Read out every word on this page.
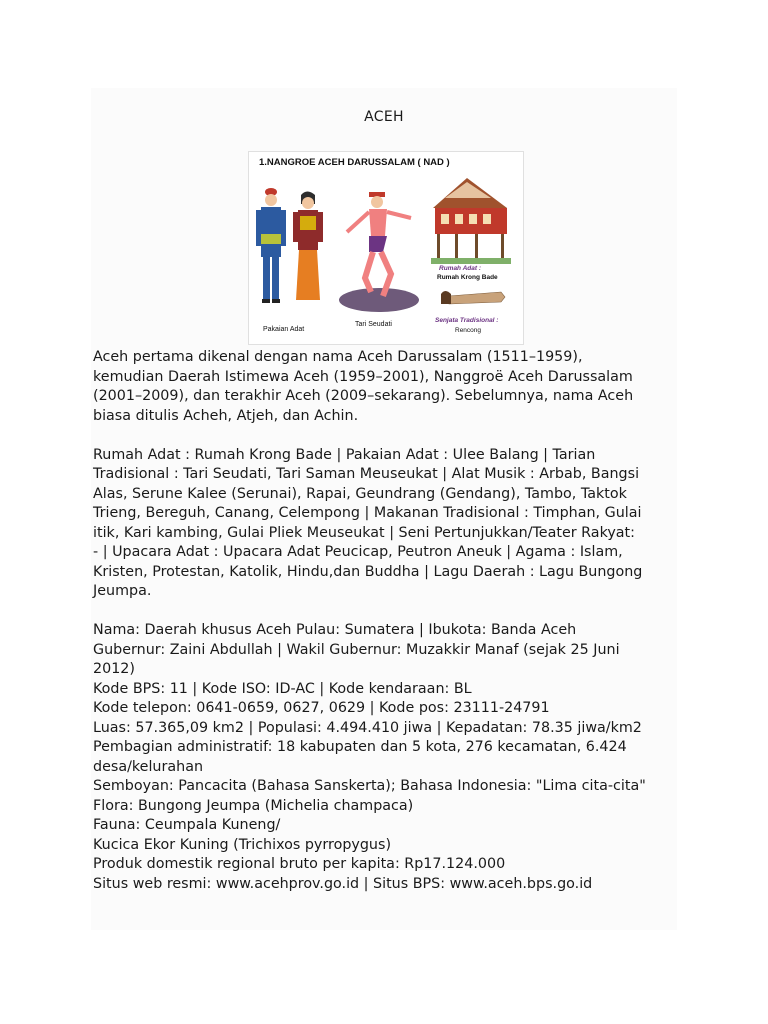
ACEH
1.NANGROE ACEH DARUSSALAM ( NAD )
Pakaian Adat
Tari Seudati
Rumah Adat :
Rumah Krong Bade
Senjata Tradisional :
Rencong

Aceh pertama dikenal dengan nama Aceh Darussalam (1511–1959),

kemudian Daerah Istimewa Aceh (1959–2001), Nanggroë Aceh Darussalam

(2001–2009), dan terakhir Aceh (2009–sekarang). Sebelumnya, nama Aceh

biasa ditulis Acheh, Atjeh, dan Achin.

Rumah Adat : Rumah Krong Bade | Pakaian Adat : Ulee Balang | Tarian

Tradisional : Tari Seudati, Tari Saman Meuseukat | Alat Musik : Arbab, Bangsi

Alas, Serune Kalee (Serunai), Rapai, Geundrang (Gendang), Tambo, Taktok

Trieng, Bereguh, Canang, Celempong | Makanan Tradisional : Timphan, Gulai

itik, Kari kambing, Gulai Pliek Meuseukat | Seni Pertunjukkan/Teater Rakyat:

- | Upacara Adat : Upacara Adat Peucicap, Peutron Aneuk | Agama : Islam,

Kristen, Protestan, Katolik, Hindu,dan Buddha | Lagu Daerah : Lagu Bungong

Jeumpa.

Nama: Daerah khusus Aceh Pulau: Sumatera | Ibukota: Banda Aceh

Gubernur: Zaini Abdullah | Wakil Gubernur: Muzakkir Manaf (sejak 25 Juni

2012)

Kode BPS: 11 | Kode ISO: ID-AC | Kode kendaraan: BL

Kode telepon: 0641-0659, 0627, 0629 | Kode pos: 23111-24791

Luas: 57.365,09 km2 | Populasi: 4.494.410 jiwa | Kepadatan: 78.35 jiwa/km2

Pembagian administratif: 18 kabupaten dan 5 kota, 276 kecamatan, 6.424

desa/kelurahan

Semboyan: Pancacita (Bahasa Sanskerta); Bahasa Indonesia: "Lima cita-cita"

Flora: Bungong Jeumpa (Michelia champaca)

Fauna: Ceumpala Kuneng/

Kucica Ekor Kuning (Trichixos pyrropygus)

Produk domestik regional bruto per kapita: Rp17.124.000

Situs web resmi: www.acehprov.go.id | Situs BPS: www.aceh.bps.go.id
